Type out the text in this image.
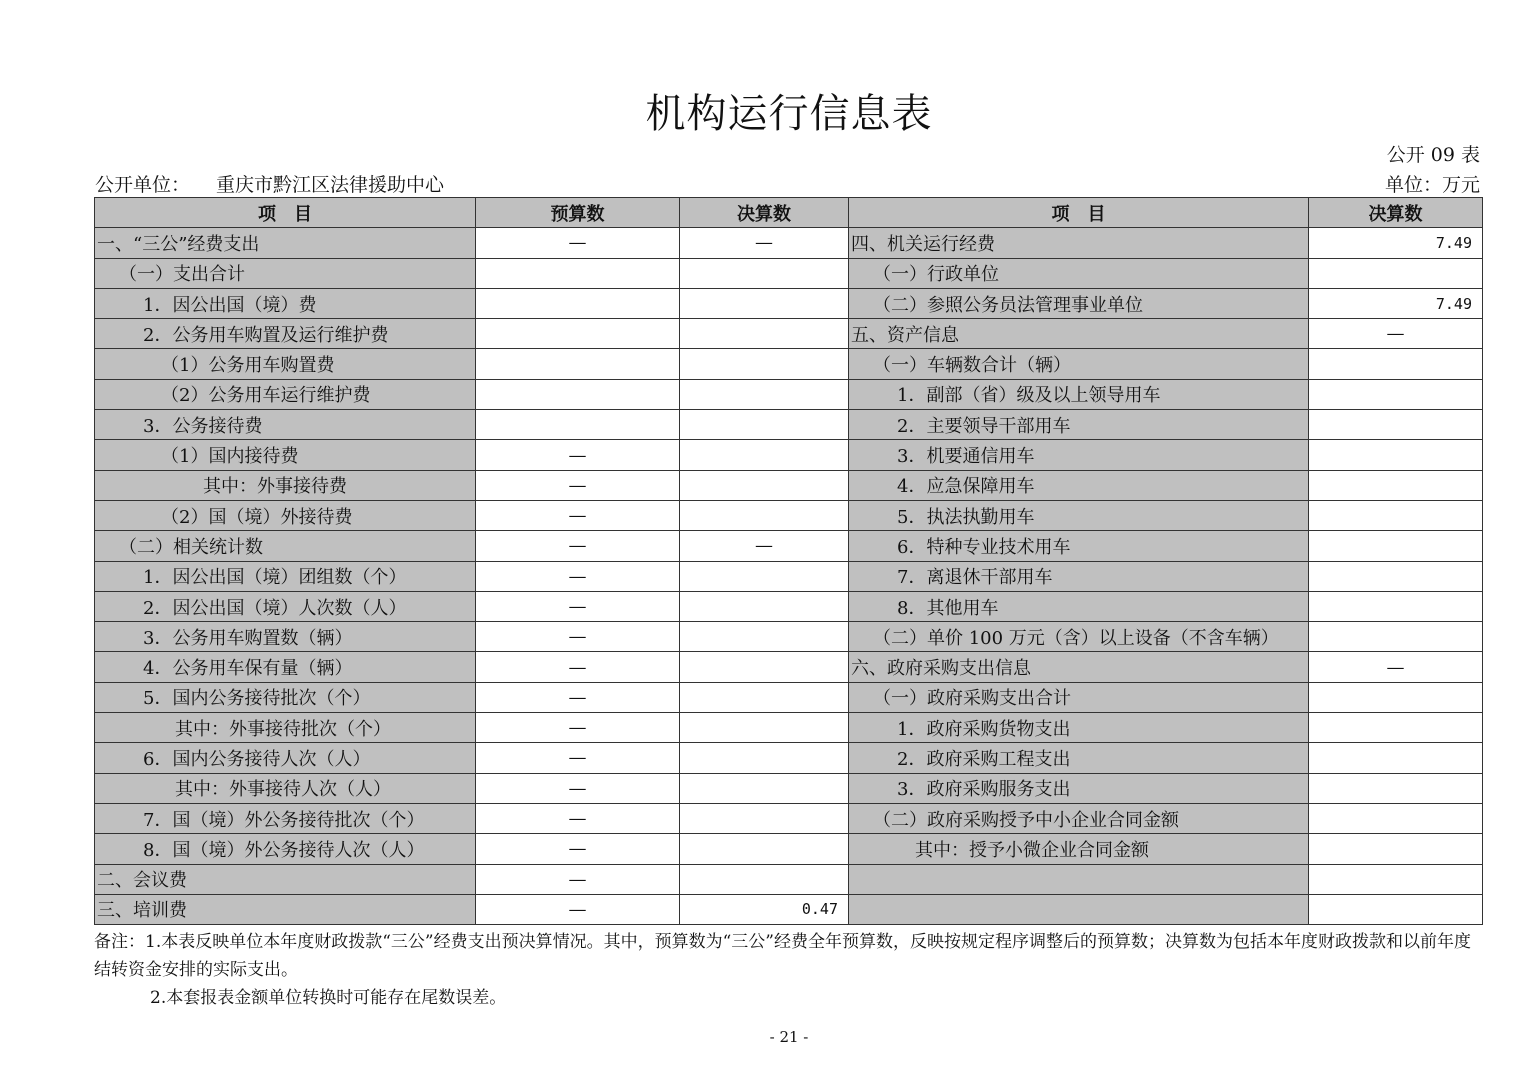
机构运行信息表
公开 09 表
公开单位： 重庆市黔江区法律援助中心	单位：万元
项　目	预算数	决算数	项　目	决算数
一、“三公”经费支出	—	—	四、机关运行经费	7.49
（一）支出合计			（一）行政单位	
1．因公出国（境）费			（二）参照公务员法管理事业单位	7.49
2．公务用车购置及运行维护费			五、资产信息	—
（1）公务用车购置费			（一）车辆数合计（辆）	
（2）公务用车运行维护费			1．副部（省）级及以上领导用车	
3．公务接待费			2．主要领导干部用车	
（1）国内接待费	—		3．机要通信用车	
其中：外事接待费	—		4．应急保障用车	
（2）国（境）外接待费	—		5．执法执勤用车	
（二）相关统计数	—	—	6．特种专业技术用车	
1．因公出国（境）团组数（个）	—		7．离退休干部用车	
2．因公出国（境）人次数（人）	—		8．其他用车	
3．公务用车购置数（辆）	—		（二）单价 100 万元（含）以上设备（不含车辆）	
4．公务用车保有量（辆）	—		六、政府采购支出信息	—
5．国内公务接待批次（个）	—		（一）政府采购支出合计	
其中：外事接待批次（个）	—		1．政府采购货物支出	
6．国内公务接待人次（人）	—		2．政府采购工程支出	
其中：外事接待人次（人）	—		3．政府采购服务支出	
7．国（境）外公务接待批次（个）	—		（二）政府采购授予中小企业合同金额	
8．国（境）外公务接待人次（人）	—		其中：授予小微企业合同金额	
二、会议费	—			
三、培训费	—	0.47		
备注：1.本表反映单位本年度财政拨款“三公”经费支出预决算情况。其中，预算数为“三公”经费全年预算数，反映按规定程序调整后的预算数；决算数为包括本年度财政拨款和以前年度结转资金安排的实际支出。
2.本套报表金额单位转换时可能存在尾数误差。
- 21 -
